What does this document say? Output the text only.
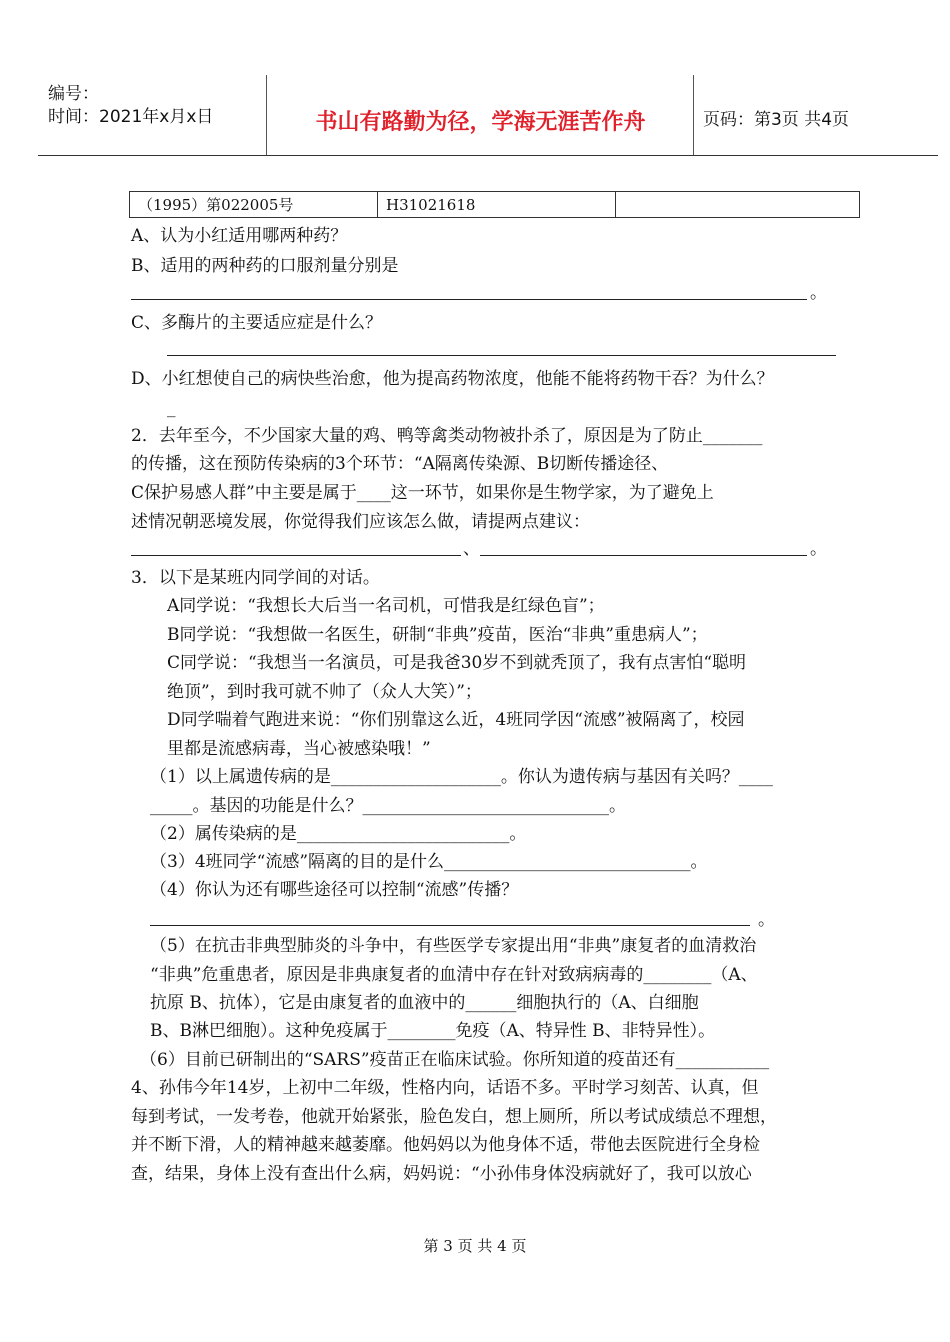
编号：
时间：2021年x月x日	书山有路勤为径，学海无涯苦作舟	页码：第3页 共4页
（1995）第022005号	H31021618	
A、认为小红适用哪两种药？
B、适用的两种药的口服剂量分别是
。
C、多酶片的主要适应症是什么？
D、小红想使自己的病快些治愈，他为提高药物浓度，他能不能将药物干吞？为什么？
_
2．去年至今，不少国家大量的鸡、鸭等禽类动物被扑杀了，原因是为了防止_______
的传播，这在预防传染病的3个环节：“A隔离传染源、B切断传播途径、
C保护易感人群”中主要是属于____这一环节，如果你是生物学家，为了避免上
述情况朝恶境发展，你觉得我们应该怎么做，请提两点建议：
、	。
3．以下是某班内同学间的对话。
A同学说：“我想长大后当一名司机，可惜我是红绿色盲”；
B同学说：“我想做一名医生，研制“非典”疫苗，医治“非典”重患病人”；
C同学说：“我想当一名演员，可是我爸30岁不到就秃顶了，我有点害怕“聪明
绝顶”，到时我可就不帅了（众人大笑）”；
D同学喘着气跑进来说：“你们别靠这么近，4班同学因“流感”被隔离了，校园
里都是流感病毒，当心被感染哦！”
（1）以上属遗传病的是____________________。你认为遗传病与基因有关吗？____
_____。基因的功能是什么？_____________________________。
（2）属传染病的是_________________________。
（3）4班同学“流感”隔离的目的是什么_____________________________。
（4）你认为还有哪些途径可以控制“流感”传播？
。
（5）在抗击非典型肺炎的斗争中，有些医学专家提出用“非典”康复者的血清救治
“非典”危重患者，原因是非典康复者的血清中存在针对致病病毒的________（A、
抗原 B、抗体），它是由康复者的血液中的______细胞执行的（A、白细胞
B、B淋巴细胞）。这种免疫属于________免疫（A、特异性 B、非特异性）。
（6）目前已研制出的“SARS”疫苗正在临床试验。你所知道的疫苗还有___________
4、孙伟今年14岁，上初中二年级，性格内向，话语不多。平时学习刻苦、认真，但
每到考试，一发考卷，他就开始紧张，脸色发白，想上厕所，所以考试成绩总不理想，
并不断下滑，人的精神越来越萎靡。他妈妈以为他身体不适，带他去医院进行全身检
查，结果，身体上没有查出什么病，妈妈说：“小孙伟身体没病就好了，我可以放心
第 3 页 共 4 页
